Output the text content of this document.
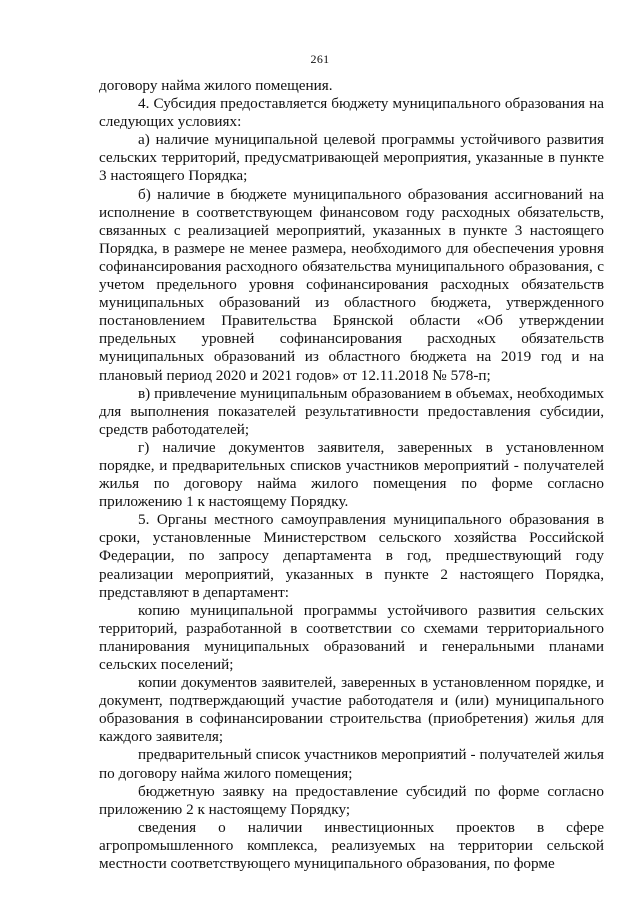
261

договору найма жилого помещения.

4. Субсидия предоставляется бюджету муниципального образования на следующих условиях:

а) наличие муниципальной целевой программы устойчивого развития сельских территорий, предусматривающей мероприятия, указанные в пункте 3 настоящего Порядка;

б) наличие в бюджете муниципального образования ассигнований на исполнение в соответствующем финансовом году расходных обязательств, связанных с реализацией мероприятий, указанных в пункте 3 настоящего Порядка, в размере не менее размера, необходимого для обеспечения уровня софинансирования расходного обязательства муниципального образования, с учетом предельного уровня софинансирования расходных обязательств муниципальных образований из областного бюджета, утвержденного постановлением Правительства Брянской области «Об утверждении предельных уровней софинансирования расходных обязательств муниципальных образований из областного бюджета на 2019 год и на плановый период 2020 и 2021 годов» от 12.11.2018 № 578-п;

в) привлечение муниципальным образованием в объемах, необходимых для выполнения показателей результативности предоставления субсидии, средств работодателей;

г) наличие документов заявителя, заверенных в установленном порядке, и предварительных списков участников мероприятий - получателей жилья по договору найма жилого помещения по форме согласно приложению 1 к настоящему Порядку.

5. Органы местного самоуправления муниципального образования в сроки, установленные Министерством сельского хозяйства Российской Федерации, по запросу департамента в год, предшествующий году реализации мероприятий, указанных в пункте 2 настоящего Порядка, представляют в департамент:

копию муниципальной программы устойчивого развития сельских территорий, разработанной в соответствии со схемами территориального планирования муниципальных образований и генеральными планами сельских поселений;

копии документов заявителей, заверенных в установленном порядке, и документ, подтверждающий участие работодателя и (или) муниципального образования в софинансировании строительства (приобретения) жилья для каждого заявителя;

предварительный список участников мероприятий - получателей жилья по договору найма жилого помещения;

бюджетную заявку на предоставление субсидий по форме согласно приложению 2 к настоящему Порядку;

сведения о наличии инвестиционных проектов в сфере агропромышленного комплекса, реализуемых на территории сельской местности соответствующего муниципального образования, по форме
